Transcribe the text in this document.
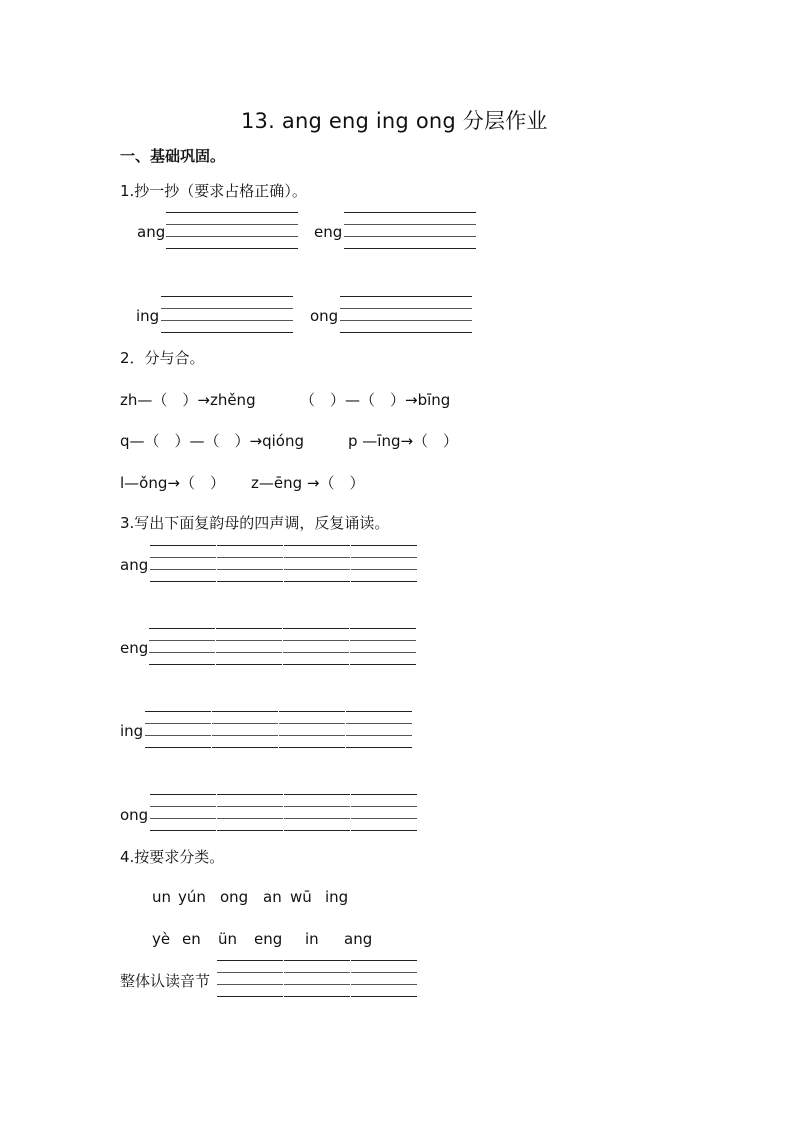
13. ang eng ing ong 分层作业
一、基础巩固。
1.抄一抄（要求占格正确）。
ang	eng
ing	ong
2．分与合。
zh—（　）→zhěng	（　）—（　）→bīng
q—（　）—（　）→qióng	p —īng→（　）
l—ǒng→（　） z—ēng →（　）
3.写出下面复韵母的四声调，反复诵读。
ang
eng
ing
ong
4.按要求分类。
un yún ong an wū ing
yè en ün eng in ang
整体认读音节
